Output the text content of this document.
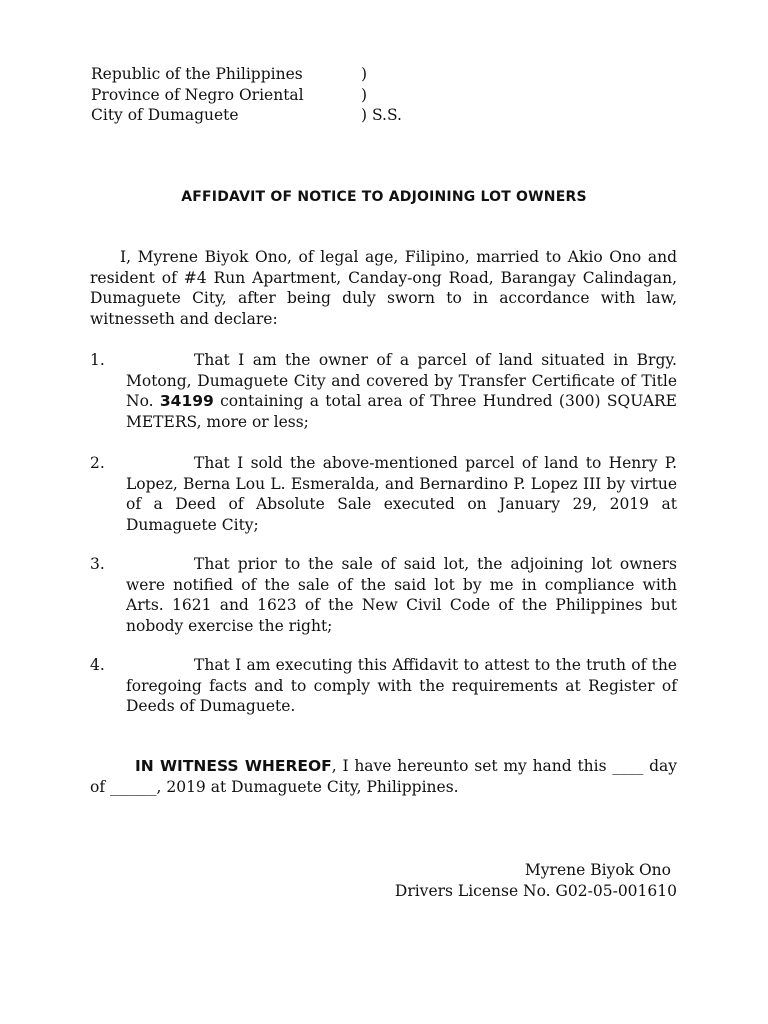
Republic of the Philippines	)
Province of Negro Oriental	)
City of Dumaguete	) S.S.
AFFIDAVIT OF NOTICE TO ADJOINING LOT OWNERS
I, Myrene Biyok Ono, of legal age, Filipino, married to Akio Ono and resident of #4 Run Apartment, Canday-ong Road, Barangay Calindagan, Dumaguete City, after being duly sworn to in accordance with law, witnesseth and declare:
1.	That I am the owner of a parcel of land situated in Brgy. Motong, Dumaguete City and covered by Transfer Certificate of Title No. 34199 containing a total area of Three Hundred (300) SQUARE METERS, more or less;
2.	That I sold the above-mentioned parcel of land to Henry P. Lopez, Berna Lou L. Esmeralda, and Bernardino P. Lopez III by virtue of a Deed of Absolute Sale executed on January 29, 2019 at Dumaguete City;
3.	That prior to the sale of said lot, the adjoining lot owners were notified of the sale of the said lot by me in compliance with Arts. 1621 and 1623 of the New Civil Code of the Philippines but nobody exercise the right;
4.	That I am executing this Affidavit to attest to the truth of the foregoing facts and to comply with the requirements at Register of Deeds of Dumaguete.
IN WITNESS WHEREOF, I have hereunto set my hand this ____ day of ______, 2019 at Dumaguete City, Philippines.
Myrene Biyok Ono
Drivers License No. G02-05-001610
